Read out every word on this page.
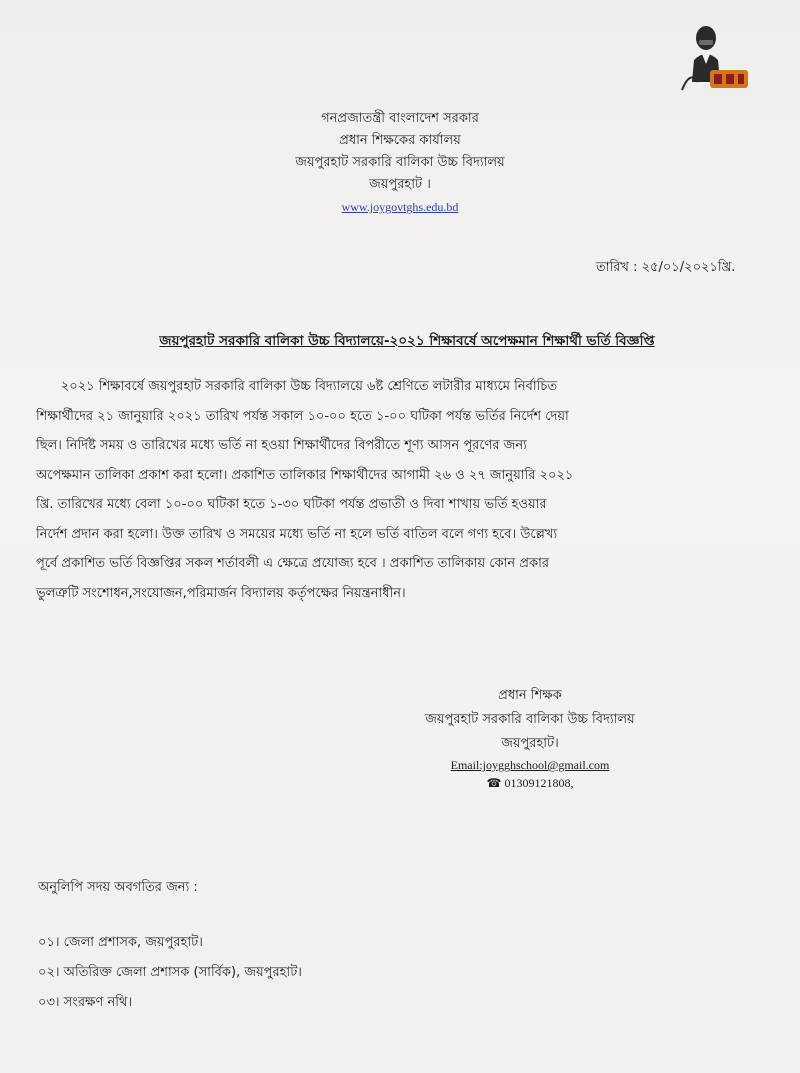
গনপ্রজাতন্ত্রী বাংলাদেশ সরকার
প্রধান শিক্ষকের কার্যালয়
জয়পুরহাট সরকারি বালিকা উচ্চ বিদ্যালয়
জয়পুরহাট ।
www.joygovtghs.edu.bd
তারিখ : ২৫/০১/২০২১খ্রি.
জয়পুরহাট সরকারি বালিকা উচ্চ বিদ্যালয়ে-২০২১ শিক্ষাবর্ষে অপেক্ষমান শিক্ষার্থী ভর্তি বিজ্ঞপ্তি
২০২১ শিক্ষাবর্ষে জয়পুরহাট সরকারি বালিকা উচ্চ বিদ্যালয়ে ৬ষ্ট শ্রেণিতে লটারীর মাধ্যমে নির্বাচিত
শিক্ষার্থীদের ২১ জানুয়ারি ২০২১ তারিখ পর্যন্ত সকাল ১০-০০ হতে ১-০০ ঘটিকা পর্যন্ত ভর্তির নির্দেশ দেয়া
ছিল। নির্দিষ্ট সময় ও তারিখের মধ্যে ভর্তি না হওয়া শিক্ষার্থীদের বিপরীতে শূণ্য আসন পূরণের জন্য
অপেক্ষমান তালিকা প্রকাশ করা হলো। প্রকাশিত তালিকার শিক্ষার্থীদের আগামী ২৬ ও ২৭ জানুয়ারি ২০২১
খ্রি. তারিখের মধ্যে বেলা ১০-০০ ঘটিকা হতে ১-৩০ ঘটিকা পর্যন্ত প্রভাতী ও দিবা শাখায় ভর্তি হওয়ার
নির্দেশ প্রদান করা হলো। উক্ত তারিখ ও সময়ের মধ্যে ভর্তি না হলে ভর্তি বাতিল বলে গণ্য হবে। উল্লেখ্য
পূর্বে প্রকাশিত ভর্তি বিজ্ঞপ্তির সকল শর্তাবলী এ ক্ষেত্রে প্রযোজ্য হবে । প্রকাশিত তালিকায় কোন প্রকার
ভুলত্রুটি সংশোধন,সংযোজন,পরিমার্জন বিদ্যালয় কর্তৃপক্ষের নিয়ন্ত্রনাধীন।
প্রধান শিক্ষক
জয়পুরহাট সরকারি বালিকা উচ্চ বিদ্যালয়
জয়পুরহাট।
Email:joygghschool@gmail.com
☎ 01309121808,
অনুলিপি সদয় অবগতির জন্য :
০১। জেলা প্রশাসক, জয়পুরহাট।
০২। অতিরিক্ত জেলা প্রশাসক (সার্বিক), জয়পুরহাট।
০৩। সংরক্ষণ নথি।
